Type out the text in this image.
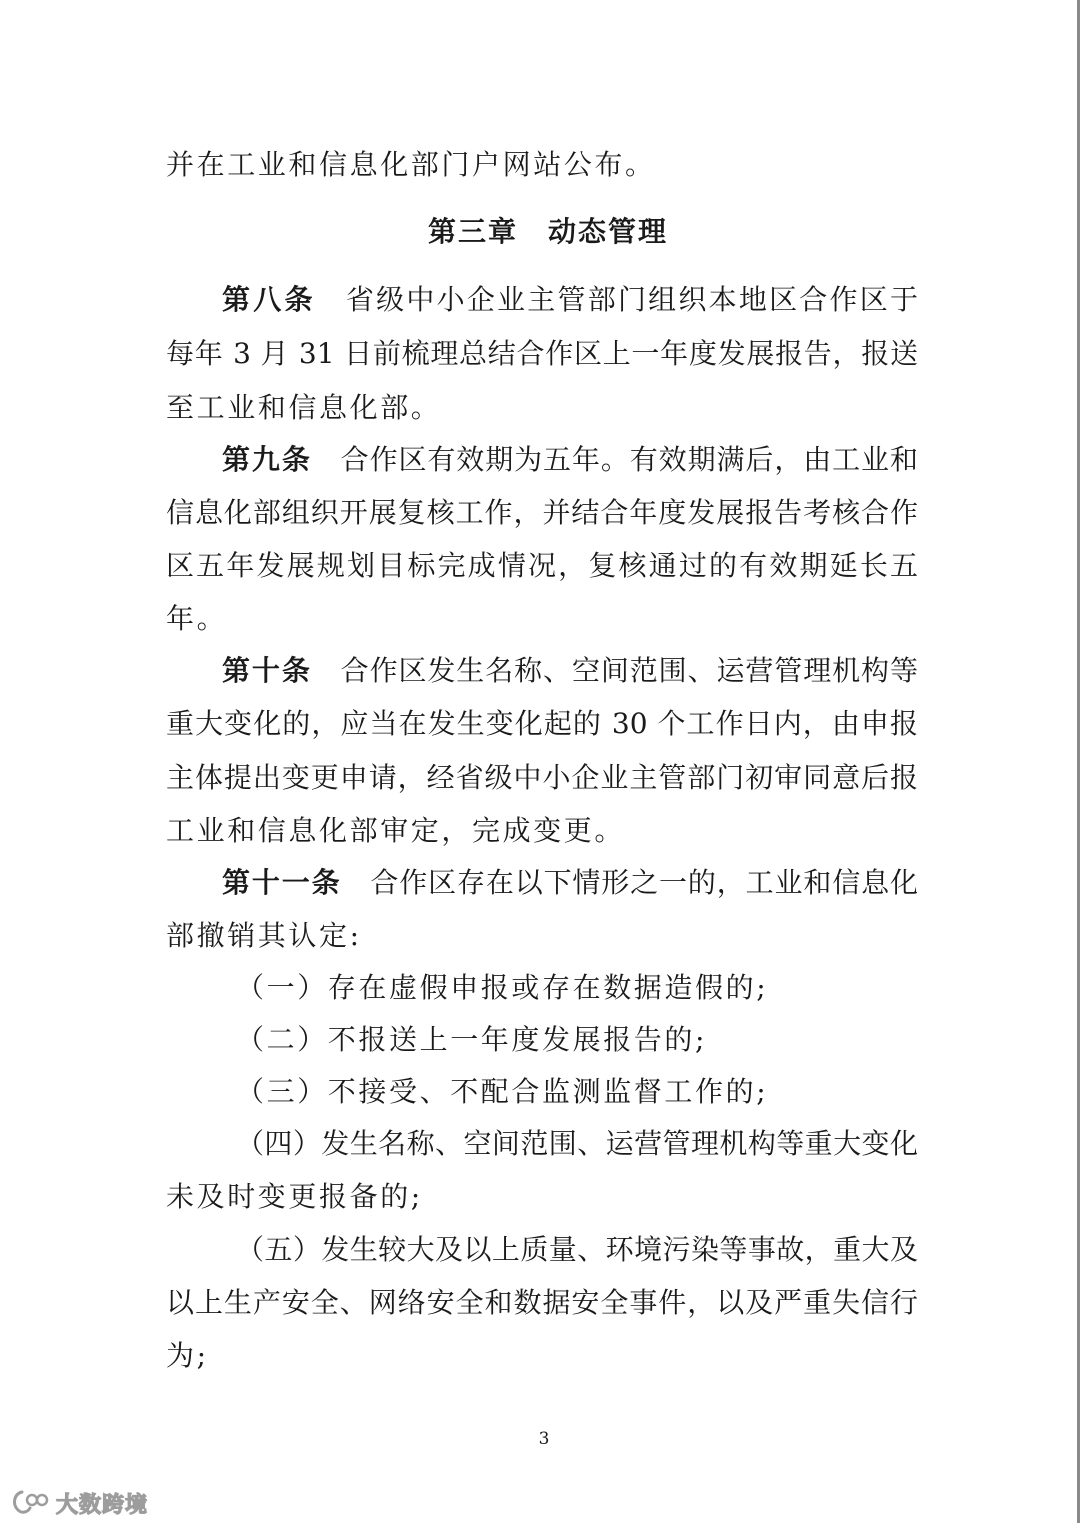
并在工业和信息化部门户网站公布。
第三章　动态管理
第八条　 省级中小企业主管部门组织本地区合作区于
每年 3 月 31 日前梳理总结合作区上一年度发展报告，报送
至工业和信息化部。
第九条　 合作区有效期为五年。有效期满后，由工业和
信息化部组织开展复核工作，并结合年度发展报告考核合作
区五年发展规划目标完成情况，复核通过的有效期延长五
年。
第十条　 合作区发生名称、空间范围、运营管理机构等
重大变化的，应当在发生变化起的 30 个工作日内，由申报
主体提出变更申请，经省级中小企业主管部门初审同意后报
工业和信息化部审定，完成变更。
第十一条　 合作区存在以下情形之一的，工业和信息化
部撤销其认定:
（一）存在虚假申报或存在数据造假的;
（二）不报送上一年度发展报告的;
（三）不接受、不配合监测监督工作的;
（四）发生名称、空间范围、运营管理机构等重大变化
未及时变更报备的;
（五）发生较大及以上质量、环境污染等事故，重大及
以上生产安全、网络安全和数据安全事件，以及严重失信行
为;
3
大数跨境
